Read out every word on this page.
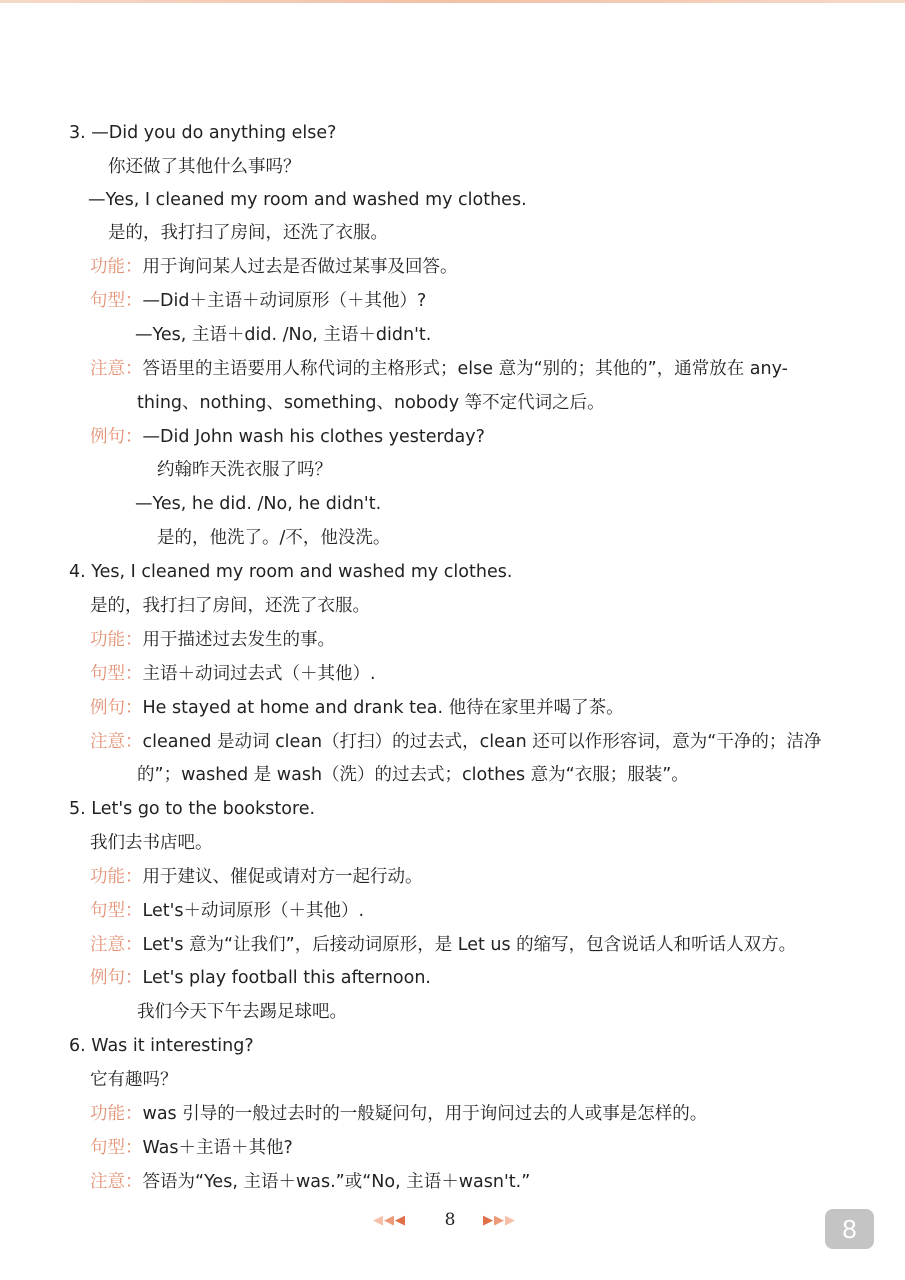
3. —Did you do anything else?
你还做了其他什么事吗？
—Yes, I cleaned my room and washed my clothes.
是的，我打扫了房间，还洗了衣服。
功能：用于询问某人过去是否做过某事及回答。
句型：—Did＋主语＋动词原形（＋其他）?
—Yes, 主语＋did. /No, 主语＋didn't.
注意：答语里的主语要用人称代词的主格形式；else 意为“别的；其他的”，通常放在 any-
thing、nothing、something、nobody 等不定代词之后。
例句：—Did John wash his clothes yesterday?
约翰昨天洗衣服了吗？
—Yes, he did. /No, he didn't.
是的，他洗了。/不，他没洗。
4. Yes, I cleaned my room and washed my clothes.
是的，我打扫了房间，还洗了衣服。
功能：用于描述过去发生的事。
句型：主语＋动词过去式（＋其他）.
例句：He stayed at home and drank tea. 他待在家里并喝了茶。
注意：cleaned 是动词 clean（打扫）的过去式，clean 还可以作形容词，意为“干净的；洁净
的”；washed 是 wash（洗）的过去式；clothes 意为“衣服；服装”。
5. Let's go to the bookstore.
我们去书店吧。
功能：用于建议、催促或请对方一起行动。
句型：Let's＋动词原形（＋其他）.
注意：Let's 意为“让我们”，后接动词原形，是 Let us 的缩写，包含说话人和听话人双方。
例句：Let's play football this afternoon.
我们今天下午去踢足球吧。
6. Was it interesting?
它有趣吗？
功能：was 引导的一般过去时的一般疑问句，用于询问过去的人或事是怎样的。
句型：Was＋主语＋其他?
注意：答语为“Yes, 主语＋was.”或“No, 主语＋wasn't.”
◀◀◀	8	▶▶▶	8
